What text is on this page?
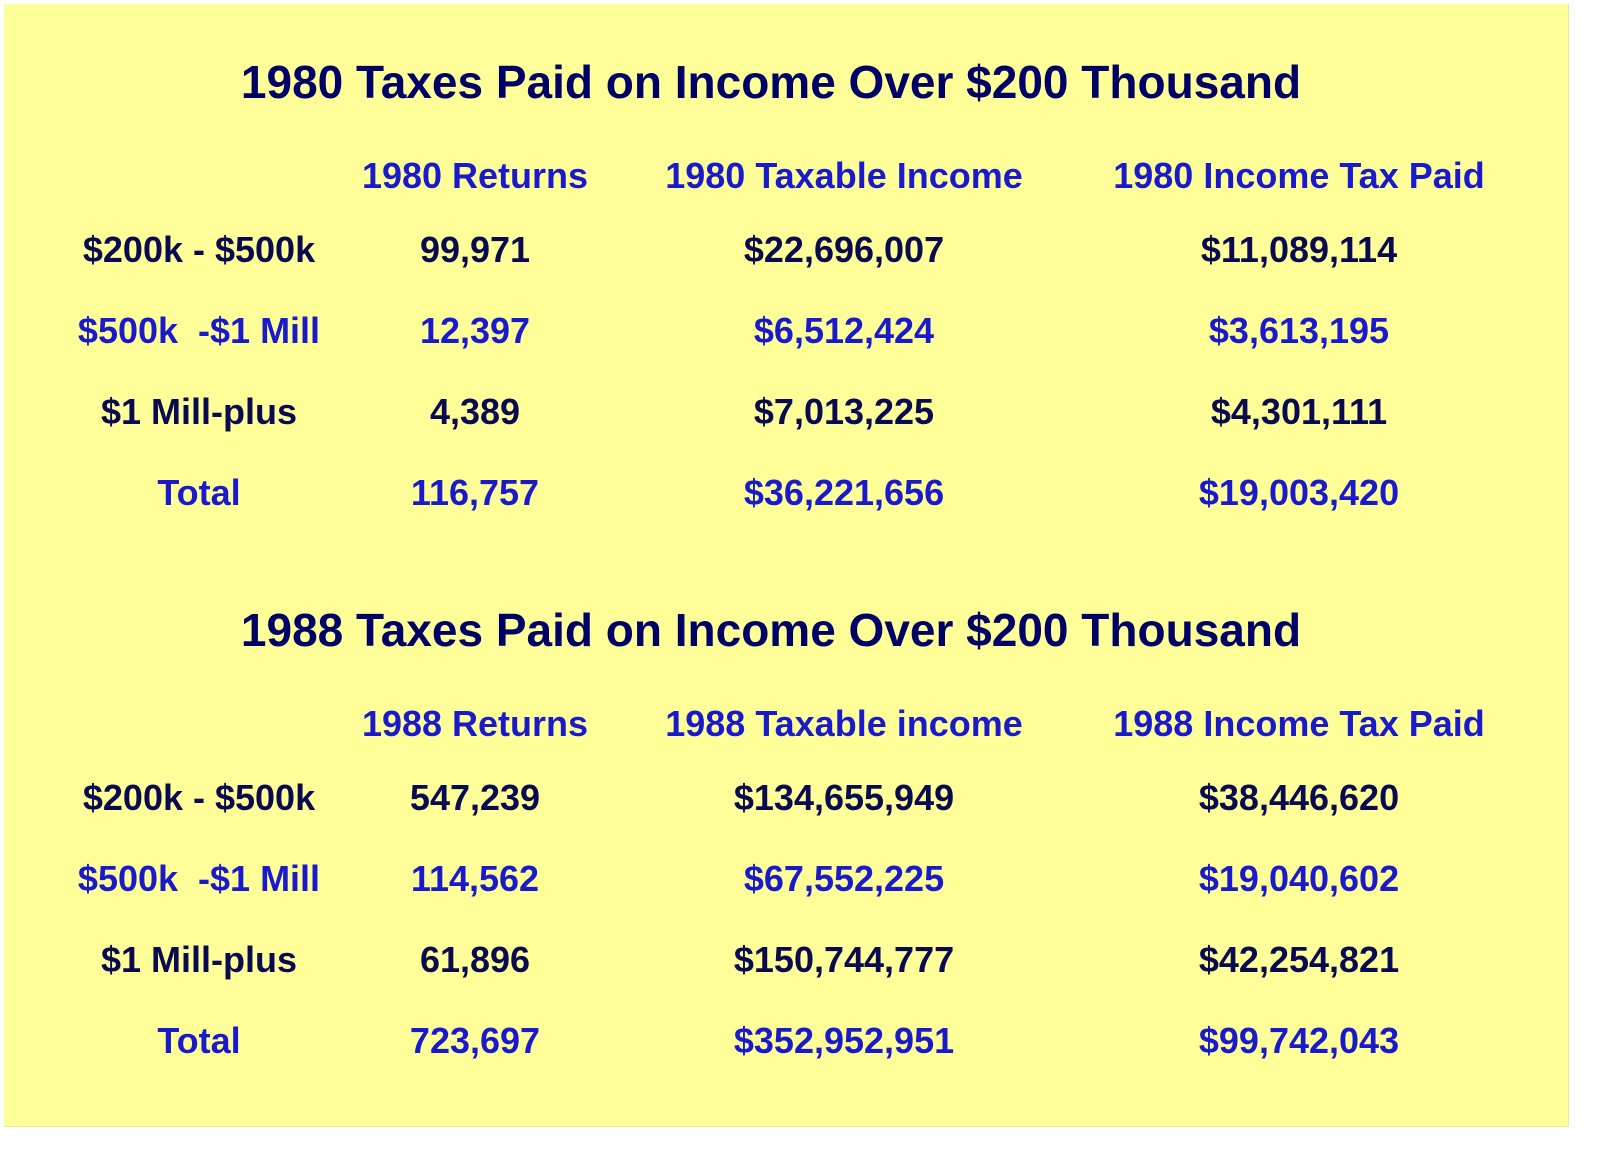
1980 Taxes Paid on Income Over $200 Thousand
1980 Returns	1980 Taxable Income	1980 Income Tax Paid
$200k - $500k	99,971	$22,696,007	$11,089,114
$500k  -$1 Mill	12,397	$6,512,424	$3,613,195
$1 Mill-plus	4,389	$7,013,225	$4,301,111
Total	116,757	$36,221,656	$19,003,420
1988 Taxes Paid on Income Over $200 Thousand
1988 Returns	1988 Taxable income	1988 Income Tax Paid
$200k - $500k	547,239	$134,655,949	$38,446,620
$500k  -$1 Mill	114,562	$67,552,225	$19,040,602
$1 Mill-plus	61,896	$150,744,777	$42,254,821
Total	723,697	$352,952,951	$99,742,043
